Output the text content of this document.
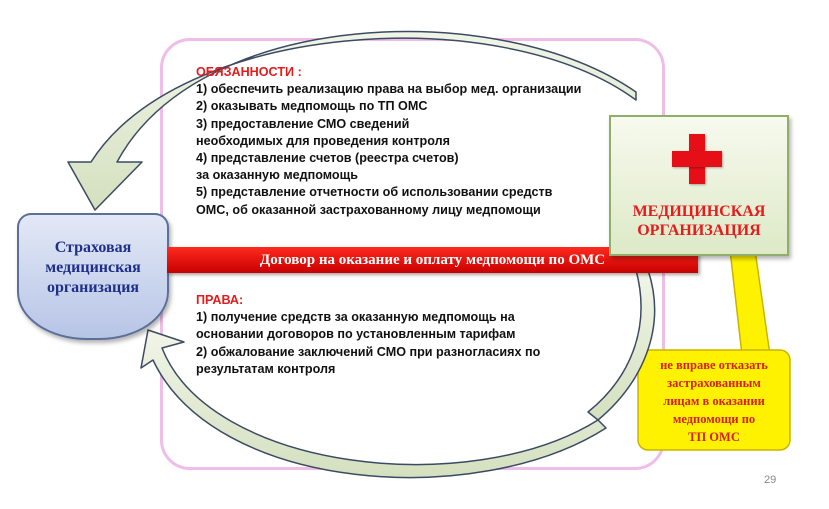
ОБЯЗАННОСТИ :
1) обеспечить реализацию права на выбор мед. организации
2) оказывать медпомощь по ТП ОМС
3) предоставление СМО сведений
необходимых для проведения контроля
4) представление счетов (реестра счетов)
за оказанную медпомощь
5) представление отчетности об использовании средств
ОМС, об оказанной застрахованному лицу медпомощи
ПРАВА:
1) получение средств за оказанную медпомощь на
основании договоров по установленным тарифам
2) обжалование заключений СМО при разногласиях по
результатам контроля
Страховая
медицинская
организация
Договор на оказание и оплату медпомощи по ОМС
МЕДИЦИНСКАЯ
ОРГАНИЗАЦИЯ
не вправе отказать
застрахованным
лицам в оказании
медпомощи по
ТП ОМС
29
